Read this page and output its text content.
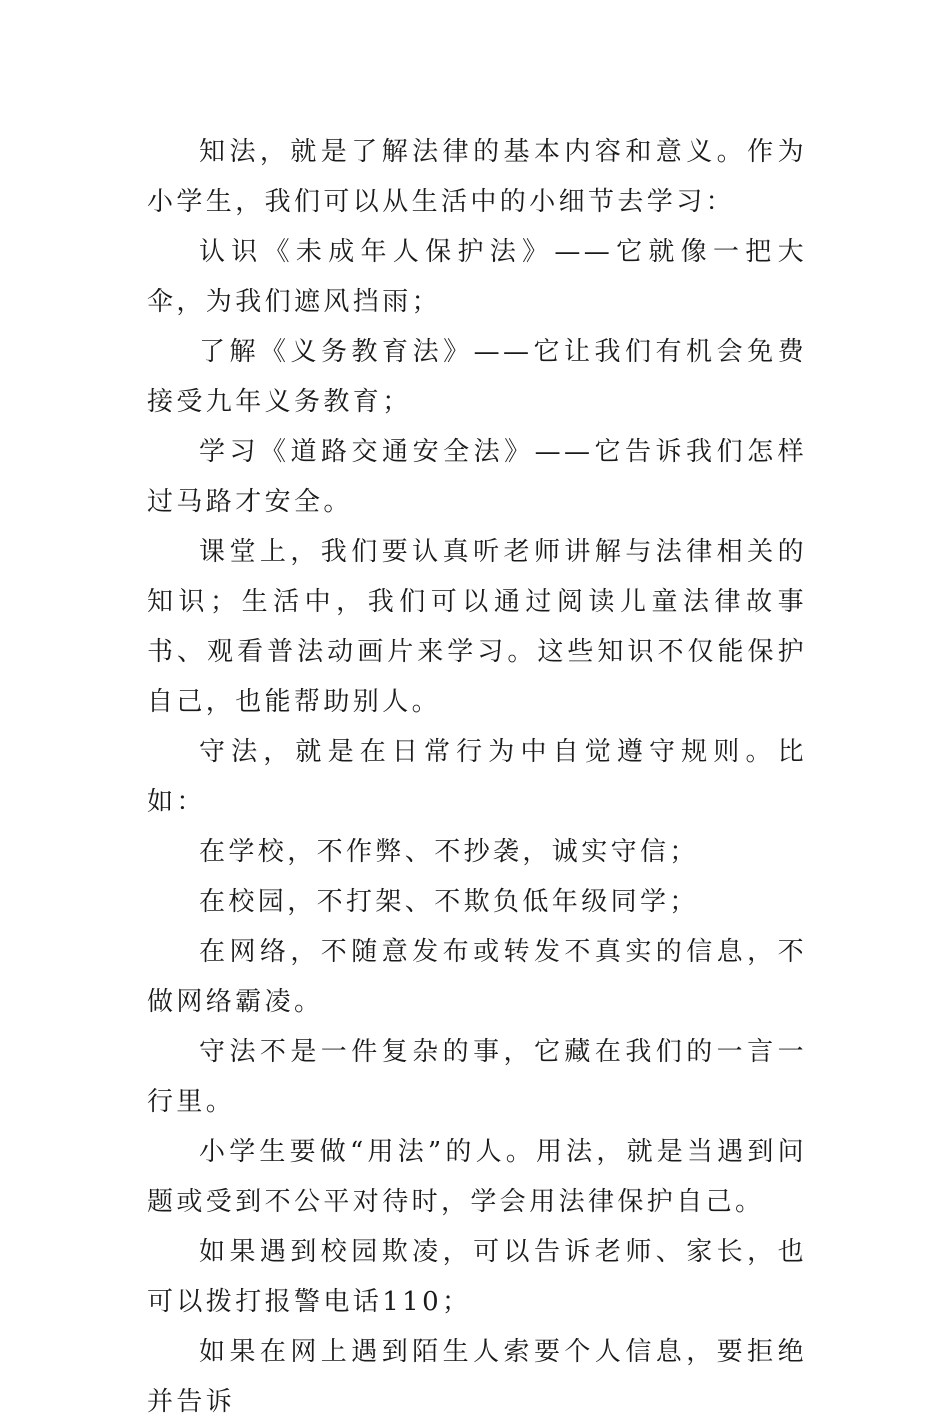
知法，就是了解法律的基本内容和意义。作为小学生，我们可以从生活中的小细节去学习：

认识《未成年人保护法》——它就像一把大伞，为我们遮风挡雨；

了解《义务教育法》——它让我们有机会免费接受九年义务教育；

学习《道路交通安全法》——它告诉我们怎样过马路才安全。

课堂上，我们要认真听老师讲解与法律相关的知识；生活中，我们可以通过阅读儿童法律故事书、观看普法动画片来学习。这些知识不仅能保护自己，也能帮助别人。

守法，就是在日常行为中自觉遵守规则。比如：

在学校，不作弊、不抄袭，诚实守信；

在校园，不打架、不欺负低年级同学；

在网络，不随意发布或转发不真实的信息，不做网络霸凌。

守法不是一件复杂的事，它藏在我们的一言一行里。

小学生要做“用法”的人。用法，就是当遇到问题或受到不公平对待时，学会用法律保护自己。

如果遇到校园欺凌，可以告诉老师、家长，也可以拨打报警电话110；

如果在网上遇到陌生人索要个人信息，要拒绝并告诉
